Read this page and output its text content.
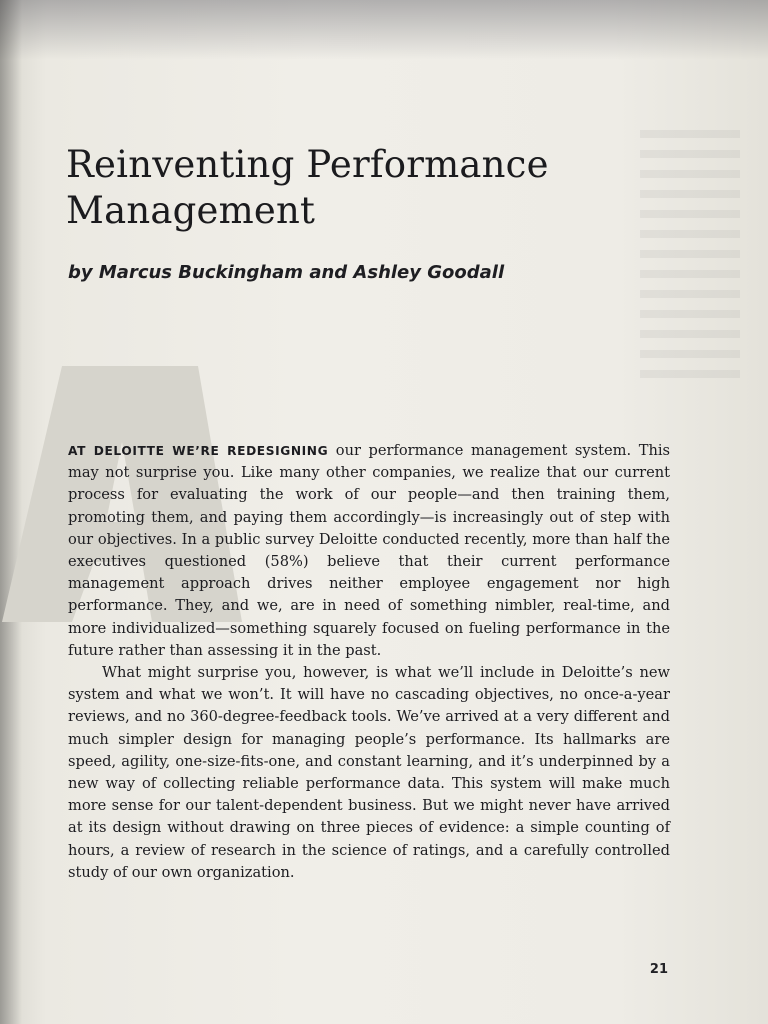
Reinventing Performance
Management

by Marcus Buckingham and Ashley Goodall

AT DELOITTE WE’RE REDESIGNING our performance management system. This may not surprise you. Like many other companies, we realize that our current process for evaluating the work of our people—and then training them, promoting them, and paying them accordingly—is increasingly out of step with our objectives. In a public survey Deloitte conducted recently, more than half the executives questioned (58%) believe that their current performance management approach drives neither employee engagement nor high performance. They, and we, are in need of something nimbler, real-time, and more individualized—something squarely focused on fueling performance in the future rather than assessing it in the past.

What might surprise you, however, is what we’ll include in Deloitte’s new system and what we won’t. It will have no cascading objectives, no once-a-year reviews, and no 360-degree-feedback tools. We’ve arrived at a very different and much simpler design for managing people’s performance. Its hallmarks are speed, agility, one-size-fits-one, and constant learning, and it’s underpinned by a new way of collecting reliable performance data. This system will make much more sense for our talent-dependent business. But we might never have arrived at its design without drawing on three pieces of evidence: a simple counting of hours, a review of research in the science of ratings, and a carefully controlled study of our own organization.

21
